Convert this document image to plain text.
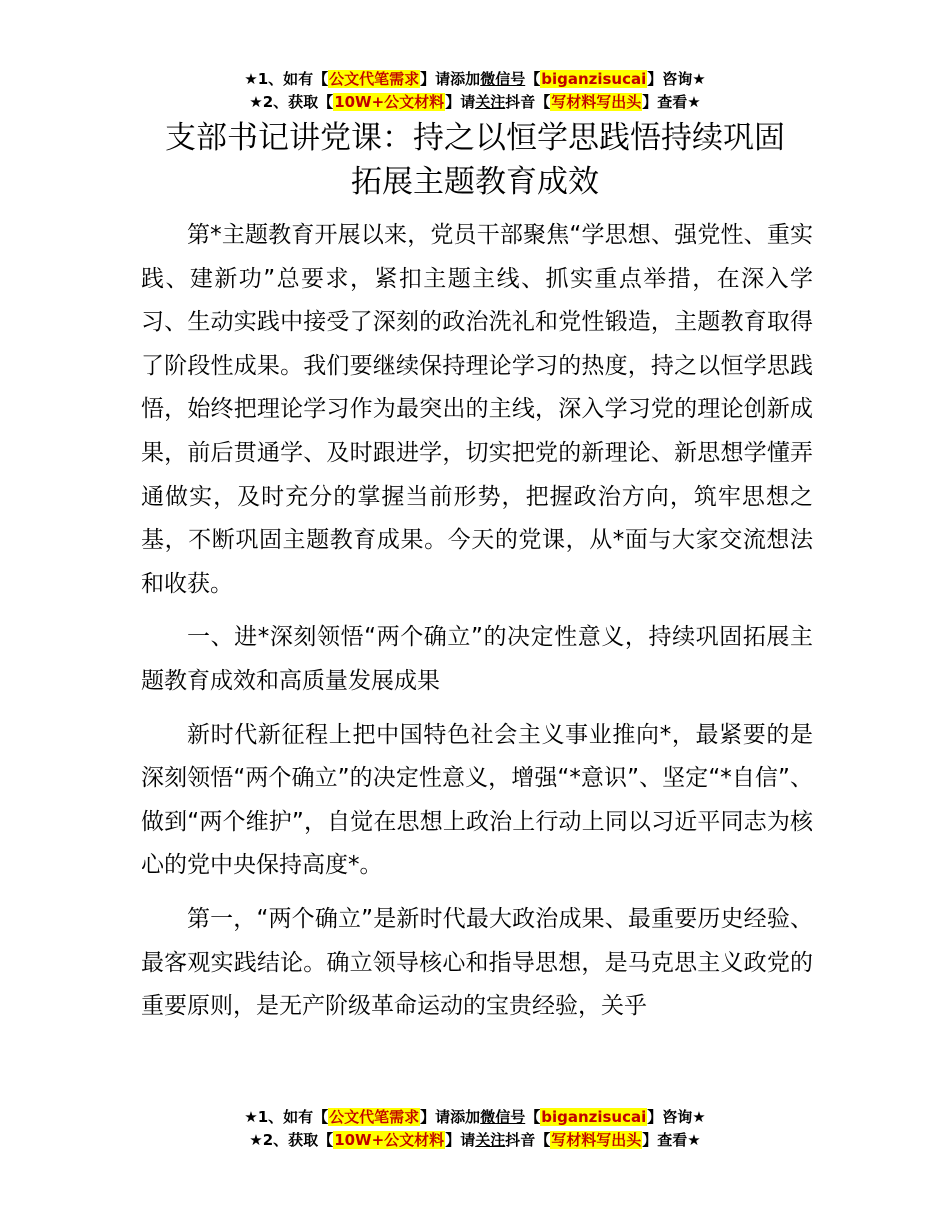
★1、如有【公文代笔需求】请添加微信号【biganzisucai】咨询★
★2、获取【10W+公文材料】请关注抖音【写材料写出头】查看★
支部书记讲党课：持之以恒学思践悟持续巩固
拓展主题教育成效

第*主题教育开展以来，党员干部聚焦“学思想、强党性、重实践、建新功”总要求，紧扣主题主线、抓实重点举措，在深入学习、生动实践中接受了深刻的政治洗礼和党性锻造，主题教育取得了阶段性成果。我们要继续保持理论学习的热度，持之以恒学思践悟，始终把理论学习作为最突出的主线，深入学习党的理论创新成果，前后贯通学、及时跟进学，切实把党的新理论、新思想学懂弄通做实，及时充分的掌握当前形势，把握政治方向，筑牢思想之基，不断巩固主题教育成果。今天的党课，从*面与大家交流想法和收获。

一、进*深刻领悟“两个确立”的决定性意义，持续巩固拓展主题教育成效和高质量发展成果

新时代新征程上把中国特色社会主义事业推向*，最紧要的是深刻领悟“两个确立”的决定性意义，增强“*意识”、坚定“*自信”、做到“两个维护”，自觉在思想上政治上行动上同以习近平同志为核心的党中央保持高度*。

第一，“两个确立”是新时代最大政治成果、最重要历史经验、最客观实践结论。确立领导核心和指导思想，是马克思主义政党的重要原则，是无产阶级革命运动的宝贵经验，关乎

★1、如有【公文代笔需求】请添加微信号【biganzisucai】咨询★
★2、获取【10W+公文材料】请关注抖音【写材料写出头】查看★
